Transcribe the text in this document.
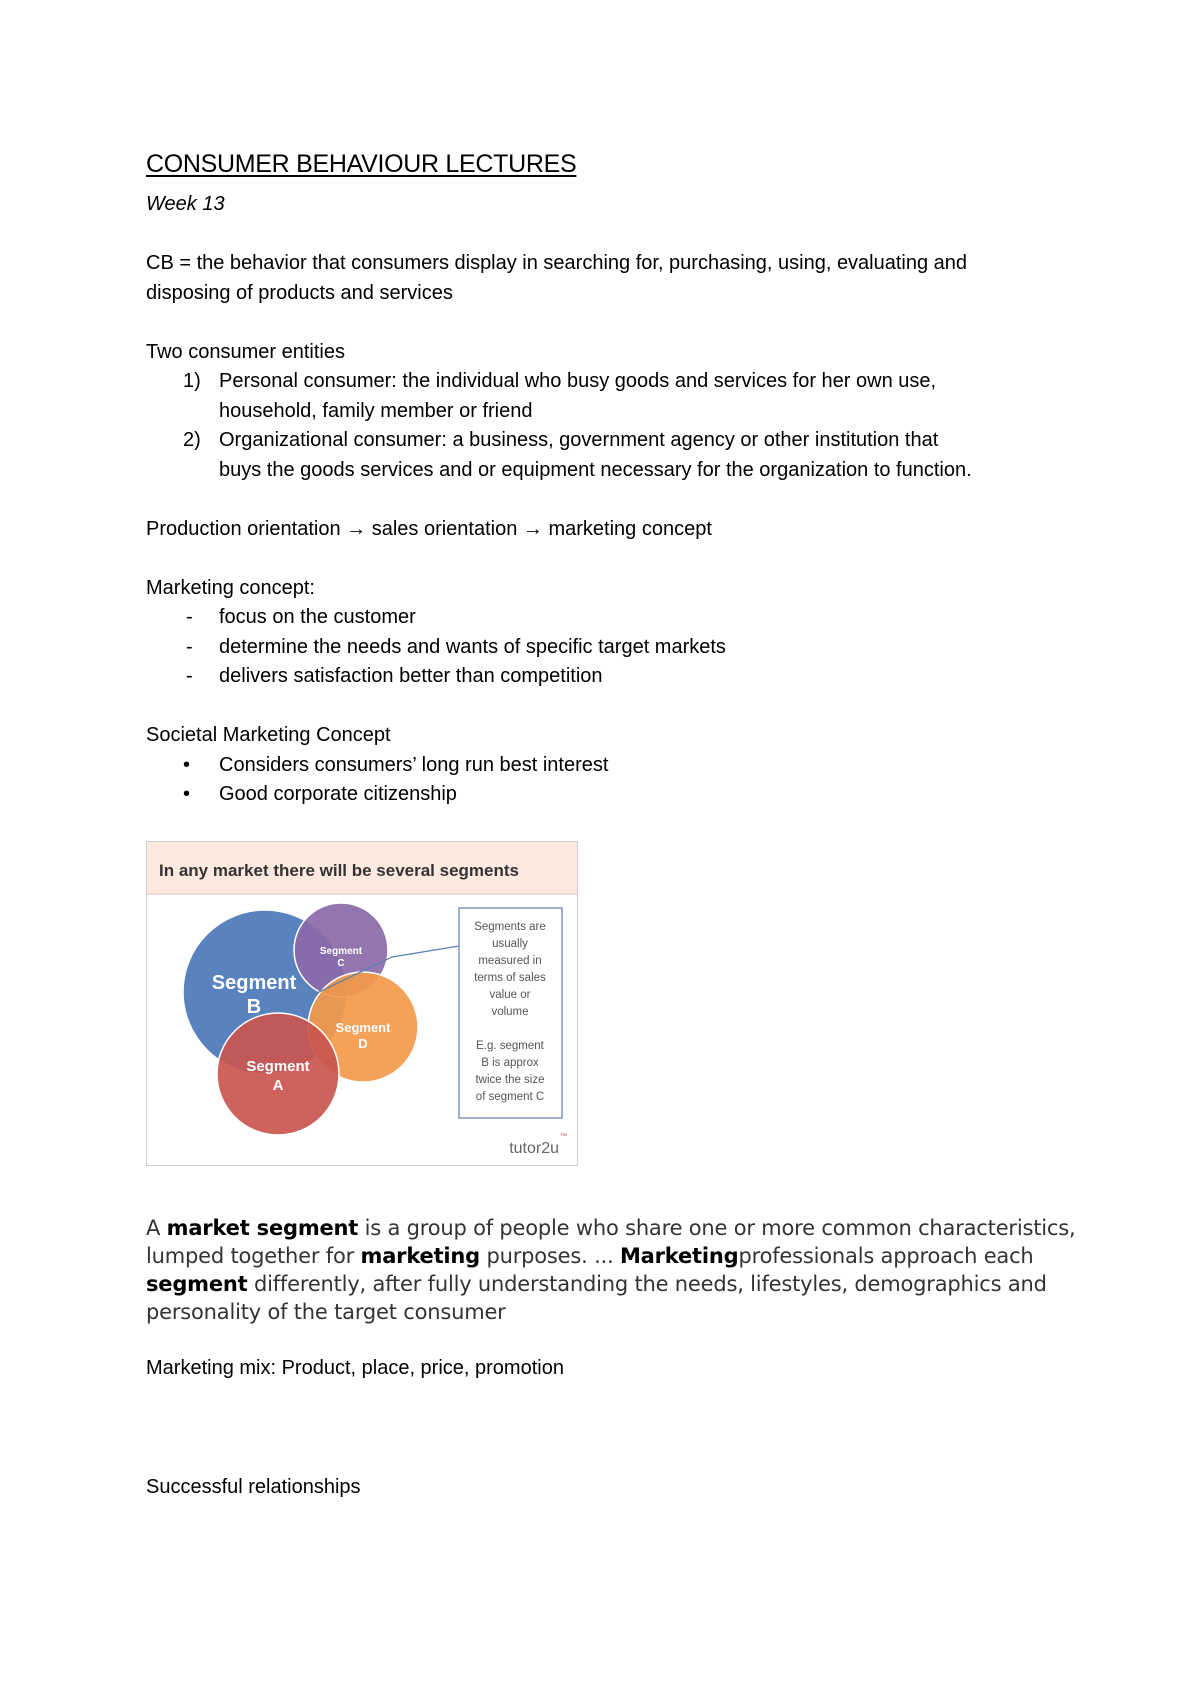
CONSUMER BEHAVIOUR LECTURES
Week 13
CB = the behavior that consumers display in searching for, purchasing, using, evaluating and
disposing of products and services
Two consumer entities
1) Personal consumer: the individual who busy goods and services for her own use,
household, family member or friend
2) Organizational consumer: a business, government agency or other institution that
buys the goods services and or equipment necessary for the organization to function.
Production orientation → sales orientation → marketing concept
Marketing concept:
- focus on the customer
- determine the needs and wants of specific target markets
- delivers satisfaction better than competition
Societal Marketing Concept
• Considers consumers’ long run best interest
• Good corporate citizenship
In any market there will be several segments
Segment
B
Segment
C
Segment
D
Segment
A
Segments are
usually
measured in
terms of sales
value or
volume
E.g. segment
B is approx
twice the size
of segment C
tutor2u
™
A market segment is a group of people who share one or more common characteristics, lumped together for marketing purposes. ... Marketingprofessionals approach each segment differently, after fully understanding the needs, lifestyles, demographics and personality of the target consumer
Marketing mix: Product, place, price, promotion
Successful relationships
